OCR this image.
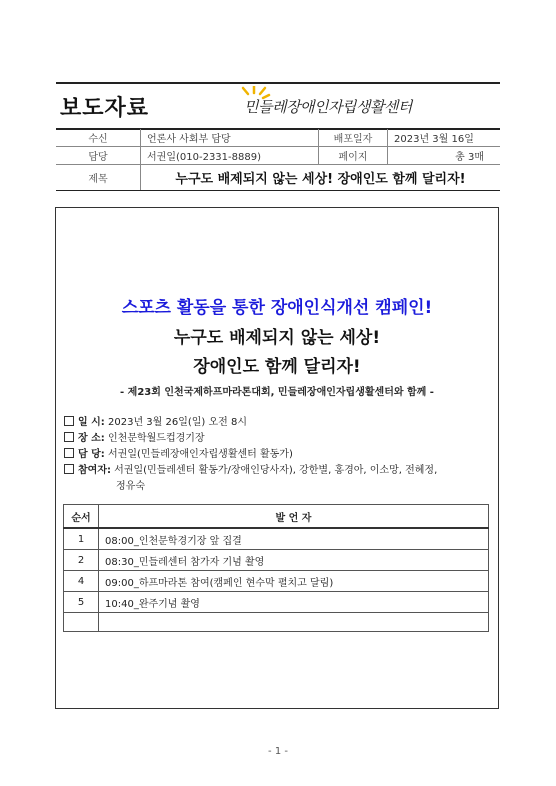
보도자료	민들레장애인자립생활센터
수신	언론사 사회부 담당	배포일자	2023년 3월 16일
담당	서권일(010-2331-8889)	페이지	총 3매
제목	누구도 배제되지 않는 세상! 장애인도 함께 달리자!		
스포츠 활동을 통한 장애인식개선 캠페인!
누구도 배제되지 않는 세상!
장애인도 함께 달리자!
- 제23회 인천국제하프마라톤대회, 민들레장애인자립생활센터와 함께 -
일 시: 2023년 3월 26일(일) 오전 8시
장 소: 인천문학월드컵경기장
담 당: 서권일(민들레장애인자립생활센터 활동가)
참여자: 서권일(민들레센터 활동가/장애인당사자), 강한별, 홍경아, 이소망, 전혜정,
정유숙
순서	발 언 자
1	08:00_인천문학경기장 앞 집결
2	08:30_민들레센터 참가자 기념 촬영
4	09:00_하프마라톤 참여(캠페인 현수막 펼치고 달림)
5	10:40_완주기념 촬영

- 1 -
